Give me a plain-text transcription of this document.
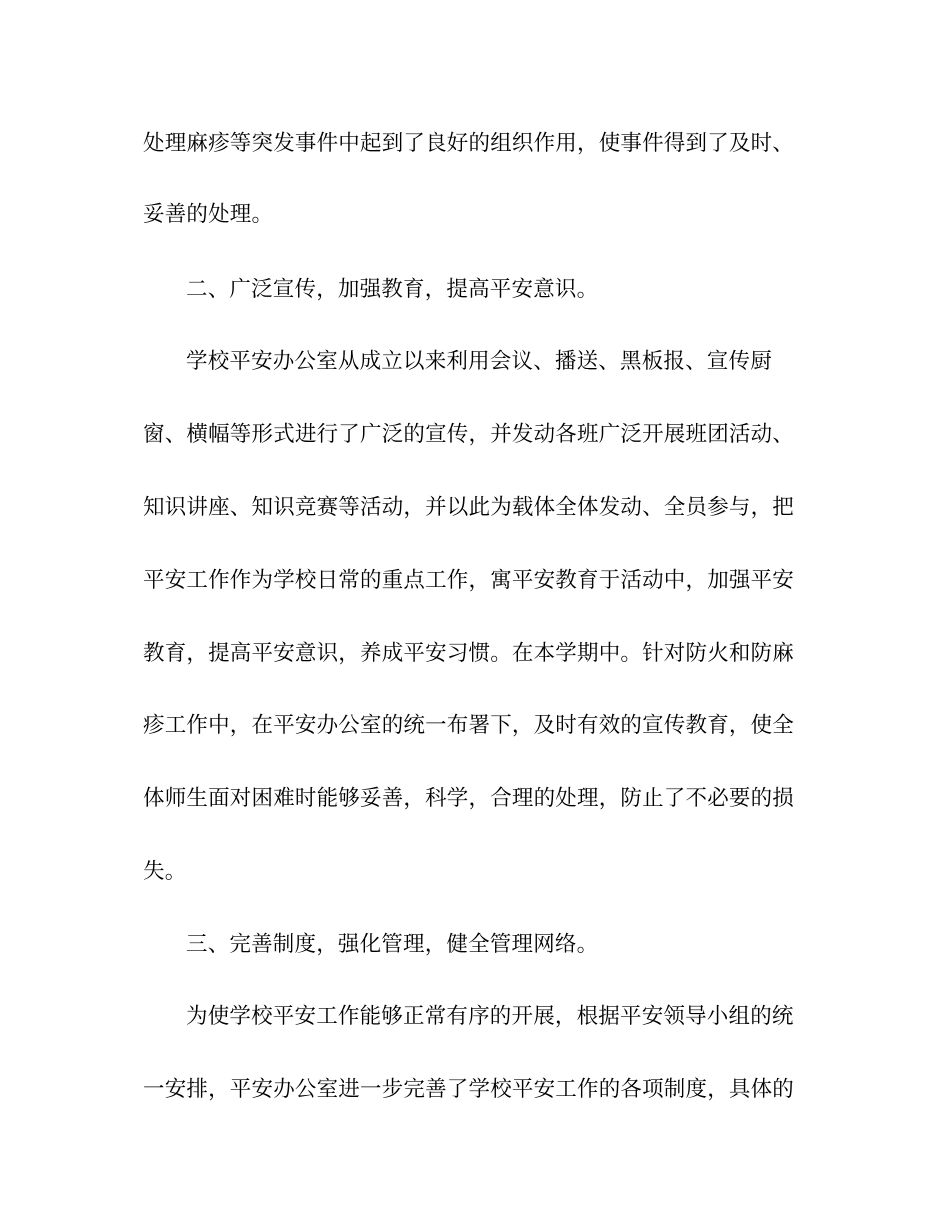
处理麻疹等突发事件中起到了良好的组织作用，使事件得到了及时、
妥善的处理。
二、广泛宣传，加强教育，提高平安意识。
学校平安办公室从成立以来利用会议、播送、黑板报、宣传厨
窗、横幅等形式进行了广泛的宣传，并发动各班广泛开展班团活动、
知识讲座、知识竞赛等活动，并以此为载体全体发动、全员参与，把
平安工作作为学校日常的重点工作，寓平安教育于活动中，加强平安
教育，提高平安意识，养成平安习惯。在本学期中。针对防火和防麻
疹工作中，在平安办公室的统一布署下，及时有效的宣传教育，使全
体师生面对困难时能够妥善，科学，合理的处理，防止了不必要的损
失。
三、完善制度，强化管理，健全管理网络。
为使学校平安工作能够正常有序的开展，根据平安领导小组的统
一安排，平安办公室进一步完善了学校平安工作的各项制度，具体的
